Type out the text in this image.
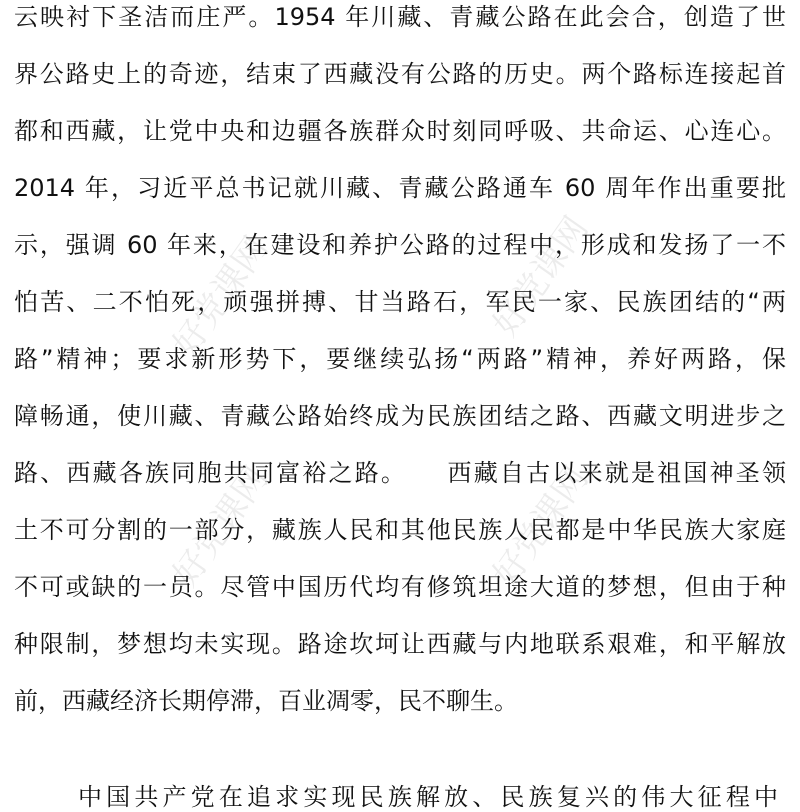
好党课网	好党课网
好党课网	好党课网
云映衬下圣洁而庄严。1954 年川藏、青藏公路在此会合，创造了世
界公路史上的奇迹，结束了西藏没有公路的历史。两个路标连接起首
都和西藏，让党中央和边疆各族群众时刻同呼吸、共命运、心连心。
2014 年，习近平总书记就川藏、青藏公路通车 60 周年作出重要批
示，强调 60 年来，在建设和养护公路的过程中，形成和发扬了一不
怕苦、二不怕死，顽强拼搏、甘当路石，军民一家、民族团结的“两
路”精神；要求新形势下，要继续弘扬“两路”精神，养好两路，保
障畅通，使川藏、青藏公路始终成为民族团结之路、西藏文明进步之
路、西藏各族同胞共同富裕之路。　　西藏自古以来就是祖国神圣领
土不可分割的一部分，藏族人民和其他民族人民都是中华民族大家庭
不可或缺的一员。尽管中国历代均有修筑坦途大道的梦想，但由于种
种限制，梦想均未实现。路途坎坷让西藏与内地联系艰难，和平解放
前，西藏经济长期停滞，百业凋零，民不聊生。
中国共产党在追求实现民族解放、民族复兴的伟大征程中
